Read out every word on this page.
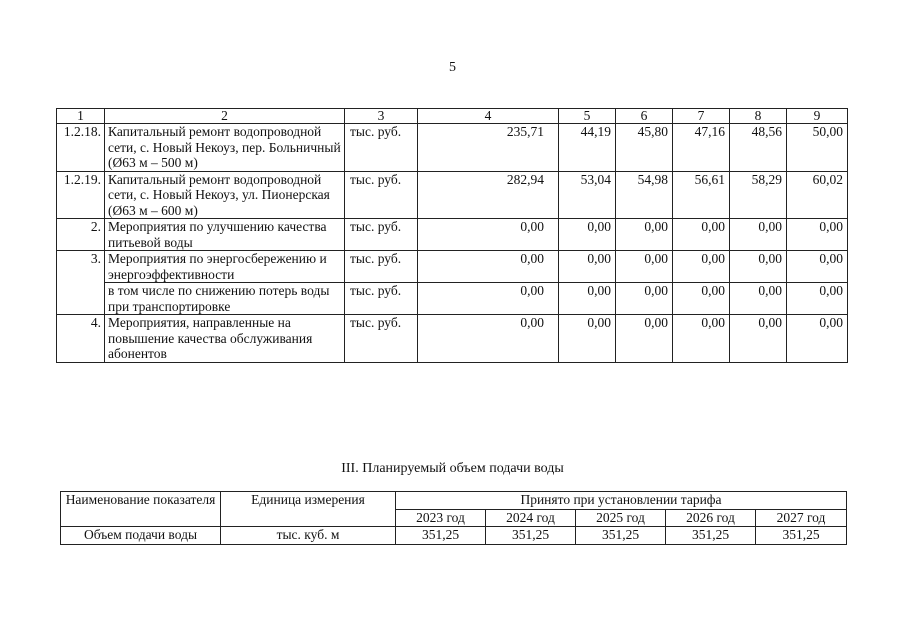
5
1	2	3	4	5	6	7	8	9
1.2.18.	Капитальный ремонт водопроводной сети, с. Новый Некоуз, пер. Больничный (Ø63 м – 500 м)	тыс. руб.	235,71	44,19	45,80	47,16	48,56	50,00
1.2.19.	Капитальный ремонт водопроводной сети, с. Новый Некоуз, ул. Пионерская (Ø63 м – 600 м)	тыс. руб.	282,94	53,04	54,98	56,61	58,29	60,02
2.	Мероприятия по улучшению качества питьевой воды	тыс. руб.	0,00	0,00	0,00	0,00	0,00	0,00
3.	Мероприятия по энергосбережению и энергоэффективности	тыс. руб.	0,00	0,00	0,00	0,00	0,00	0,00
	в том числе по снижению потерь воды при транспортировке	тыс. руб.	0,00	0,00	0,00	0,00	0,00	0,00
4.	Мероприятия, направленные на повышение качества обслуживания абонентов	тыс. руб.	0,00	0,00	0,00	0,00	0,00	0,00
III. Планируемый объем подачи воды
Наименование показателя	Единица измерения	Принято при установлении тарифа				
		2023 год	2024 год	2025 год	2026 год	2027 год
Объем подачи воды	тыс. куб. м	351,25	351,25	351,25	351,25	351,25
